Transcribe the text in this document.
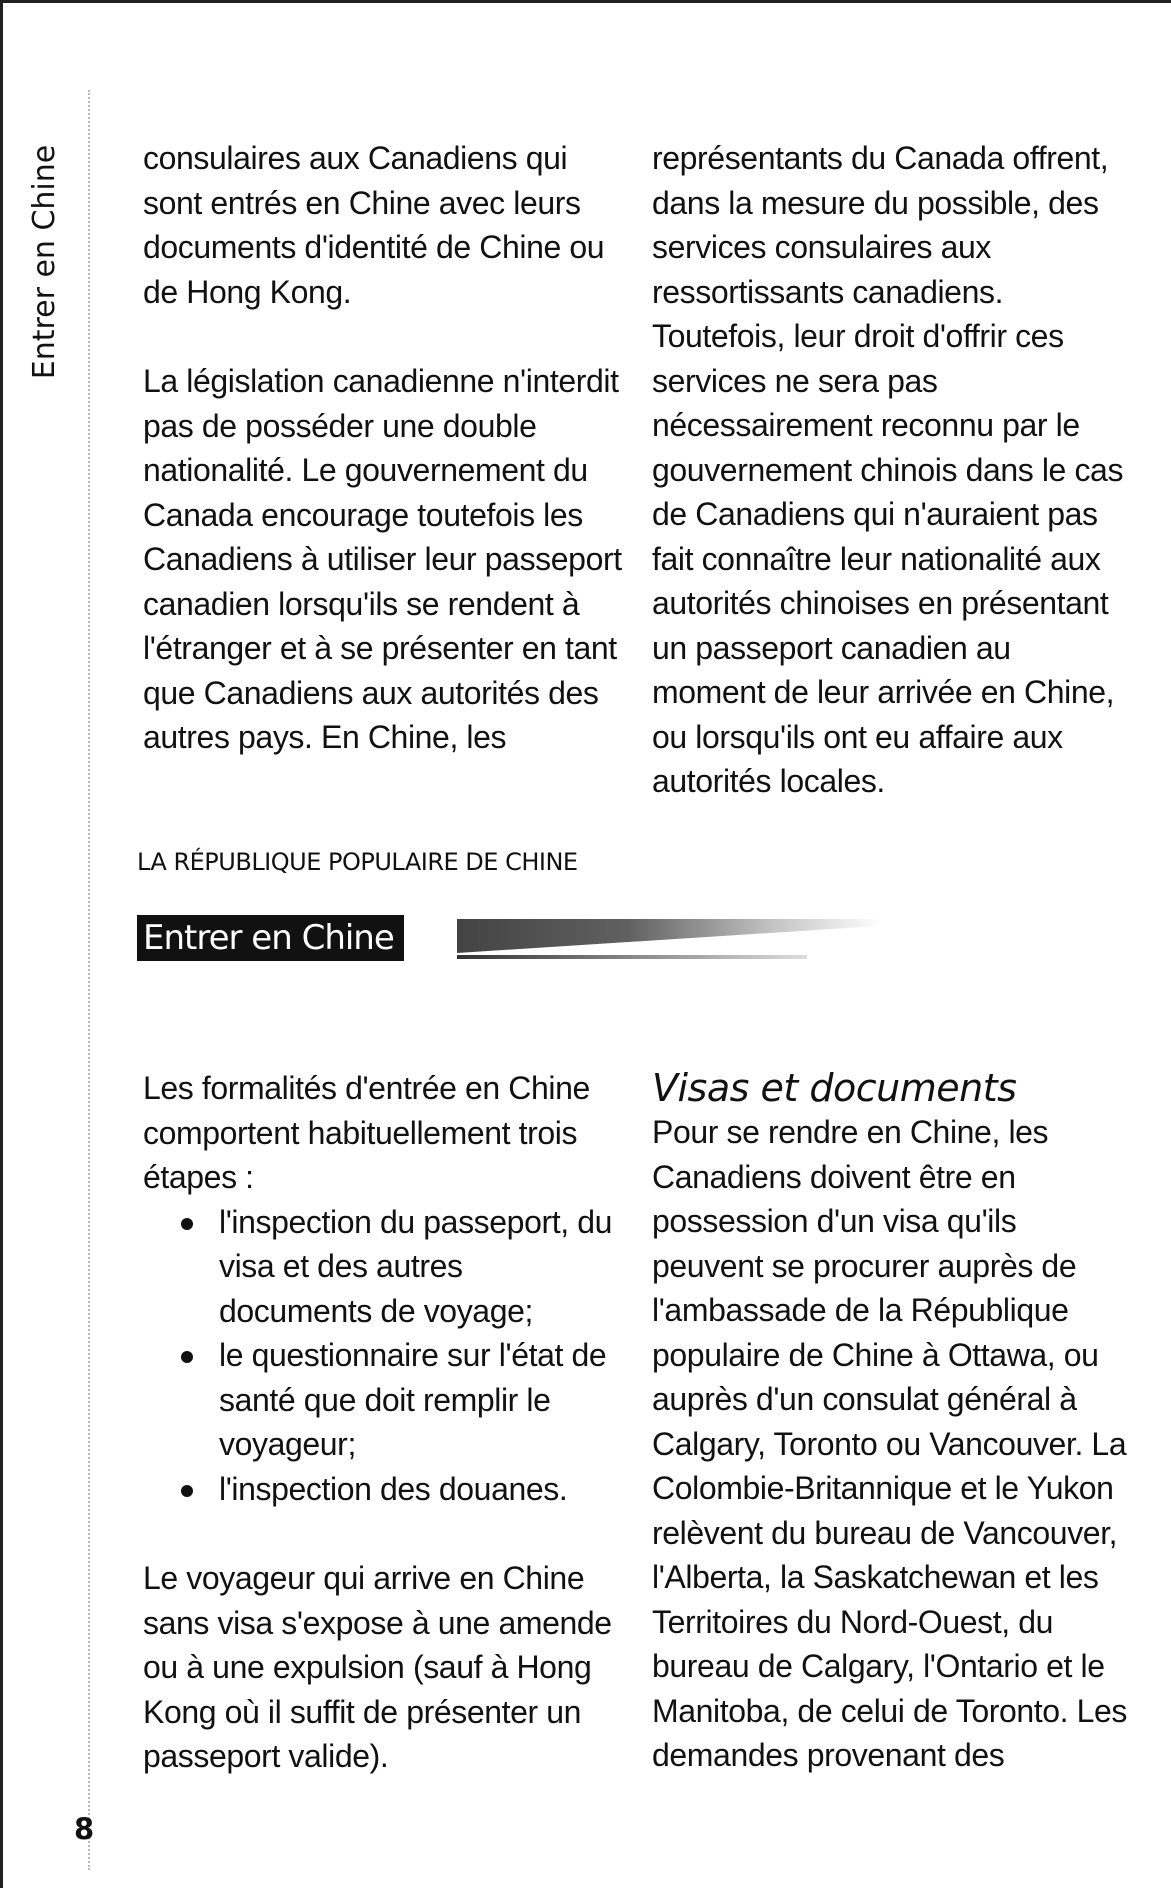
Entrer en Chine
8

consulaires aux Canadiens qui sont entrés en Chine avec leurs documents d'identité de Chine ou de Hong Kong.

La législation canadienne n'interdit pas de posséder une double nationalité. Le gouvernement du Canada encourage toutefois les Canadiens à utiliser leur passeport canadien lorsqu'ils se rendent à l'étranger et à se présenter en tant que Canadiens aux autorités des autres pays. En Chine, les

représentants du Canada offrent, dans la mesure du possible, des services consulaires aux ressortissants canadiens. Toutefois, leur droit d'offrir ces services ne sera pas nécessairement reconnu par le gouvernement chinois dans le cas de Canadiens qui n'auraient pas fait connaître leur nationalité aux autorités chinoises en présentant un passeport canadien au moment de leur arrivée en Chine, ou lorsqu'ils ont eu affaire aux autorités locales.

LA RÉPUBLIQUE POPULAIRE DE CHINE
Entrer en Chine

Les formalités d'entrée en Chine comportent habituellement trois étapes :

l'inspection du passeport, du visa et des autres documents de voyage;
le questionnaire sur l'état de santé que doit remplir le voyageur;
l'inspection des douanes.

Le voyageur qui arrive en Chine sans visa s'expose à une amende ou à une expulsion (sauf à Hong Kong où il suffit de présenter un passeport valide).

Visas et documents

Pour se rendre en Chine, les Canadiens doivent être en possession d'un visa qu'ils peuvent se procurer auprès de l'ambassade de la République populaire de Chine à Ottawa, ou auprès d'un consulat général à Calgary, Toronto ou Vancouver. La Colombie-Britannique et le Yukon relèvent du bureau de Vancouver, l'Alberta, la Saskatchewan et les Territoires du Nord-Ouest, du bureau de Calgary, l'Ontario et le Manitoba, de celui de Toronto. Les demandes provenant des
